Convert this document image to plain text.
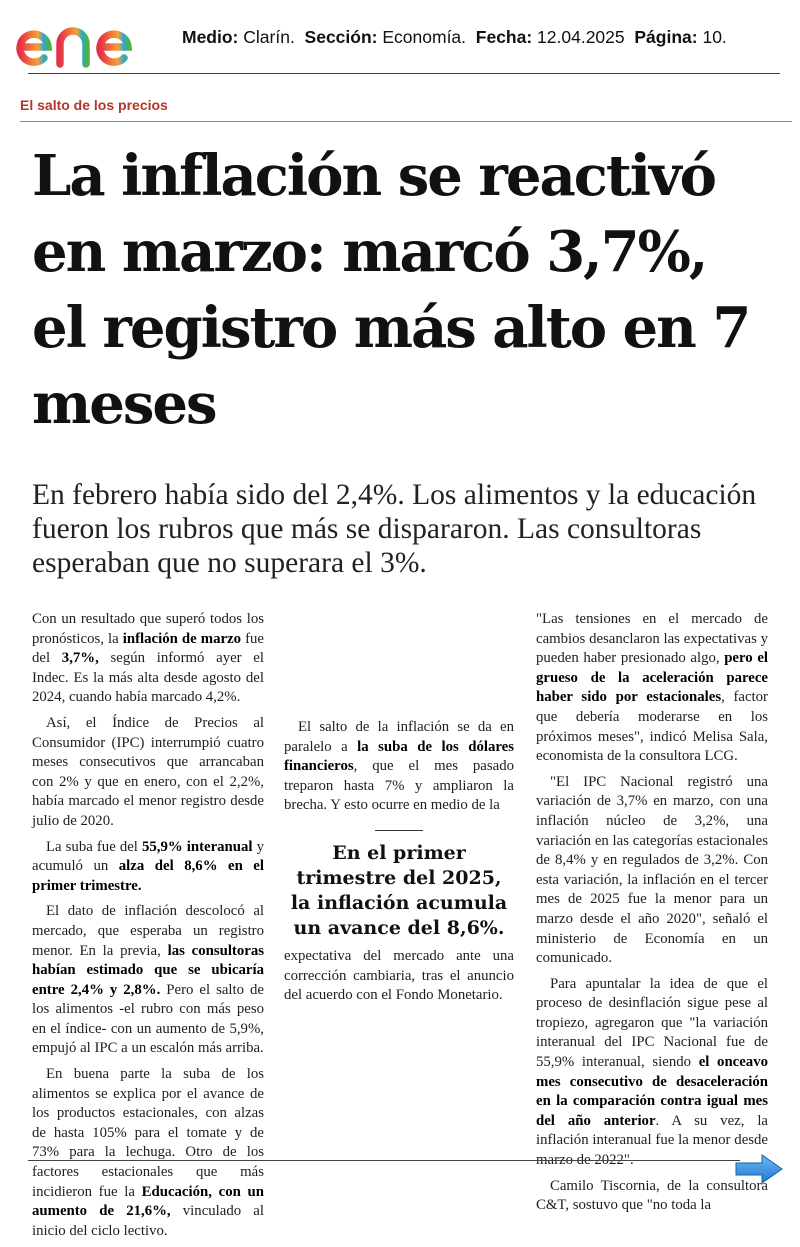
Medio: Clarín. Sección: Economía. Fecha: 12.04.2025 Página: 10.
El salto de los precios
La inflación se reactivó en marzo: marcó 3,7%, el registro más alto en 7 meses

En febrero había sido del 2,4%. Los alimentos y la educación fueron los rubros que más se dispararon. Las consultoras esperaban que no superara el 3%.

Con un resultado que superó todos los pronósticos, la inflación de marzo fue del 3,7%, según informó ayer el Indec. Es la más alta desde agosto del 2024, cuando había marcado 4,2%.

Así, el Índice de Precios al Consumidor (IPC) interrumpió cuatro meses consecutivos que arrancaban con 2% y que en enero, con el 2,2%, había marcado el menor registro desde julio de 2020.

La suba fue del 55,9% interanual y acumuló un alza del 8,6% en el primer trimestre.

El dato de inflación descolocó al mercado, que esperaba un registro menor. En la previa, las consultoras habían estimado que se ubicaría entre 2,4% y 2,8%. Pero el salto de los alimentos -el rubro con más peso en el índice- con un aumento de 5,9%, empujó al IPC a un escalón más arriba.

En buena parte la suba de los alimentos se explica por el avance de los productos estacionales, con alzas de hasta 105% para el tomate y de 73% para la lechuga. Otro de los factores estacionales que más incidieron fue la Educación, con un aumento de 21,6%, vinculado al inicio del ciclo lectivo.

"Las tensiones en el mercado de cambios desanclaron las expectativas y pueden haber presionado algo, pero el grueso de la aceleración parece haber sido por estacionales, factor que debería moderarse en los próximos meses", indicó Melisa Sala, economista de la consultora LCG.

"El IPC Nacional registró una variación de 3,7% en marzo, con una inflación núcleo de 3,2%, una variación en las categorías estacionales de 8,4% y en regulados de 3,2%. Con esta variación, la inflación en el tercer mes de 2025 fue la menor para un marzo desde el año 2020", señaló el ministerio de Economía en un comunicado.

Para apuntalar la idea de que el proceso de desinflación sigue pese al tropiezo, agregaron que "la variación interanual del IPC Nacional fue de 55,9% interanual, siendo el onceavo mes consecutivo de desaceleración en la comparación contra igual mes del año anterior. A su vez, la inflación interanual fue la menor desde marzo de 2022".

Camilo Tiscornia, de la consultora C&T, sostuvo que "no toda la

El salto de la inflación se da en paralelo a la suba de los dólares financieros, que el mes pasado treparon hasta 7% y ampliaron la brecha. Y esto ocurre en medio de la

En el primer trimestre del 2025, la inflación acumula un avance del 8,6%.

expectativa del mercado ante una corrección cambiaria, tras el anuncio del acuerdo con el Fondo Monetario.
